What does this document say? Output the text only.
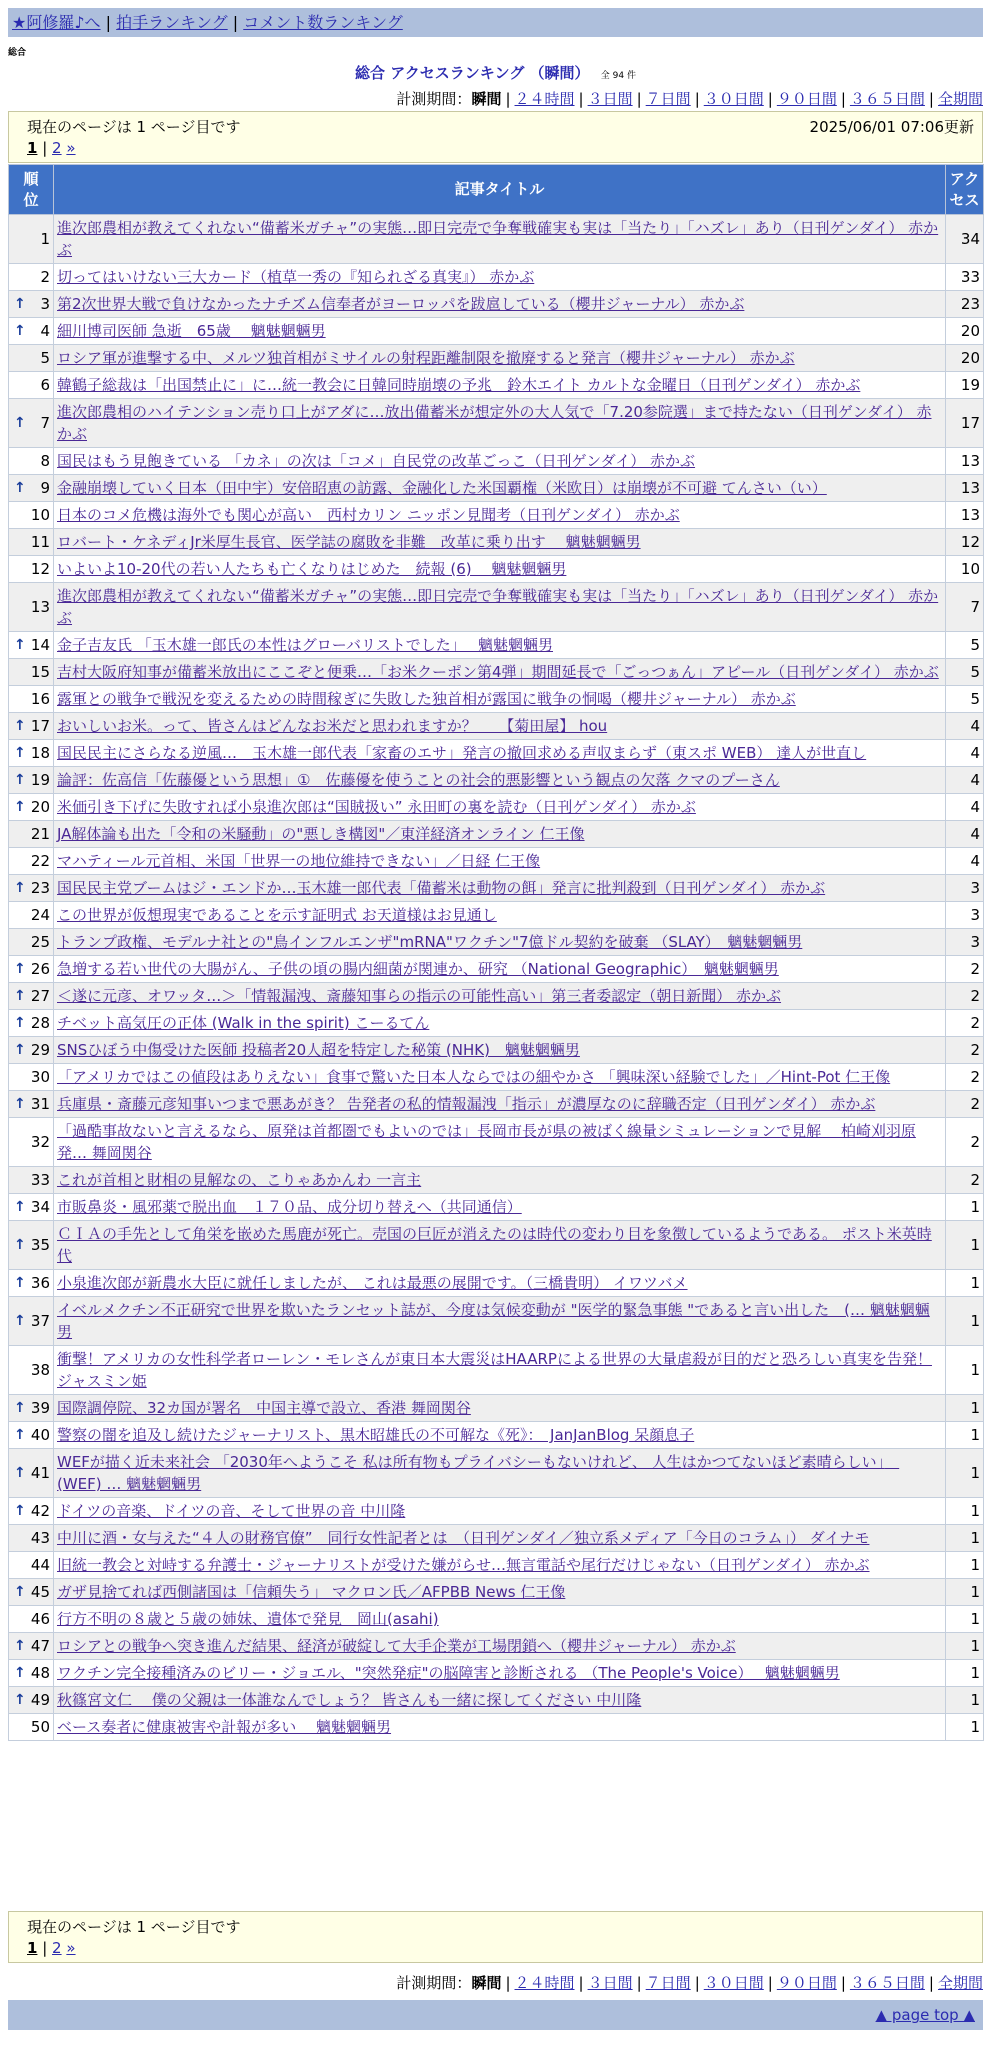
★阿修羅♪へ | 拍手ランキング | コメント数ランキング
総合
総合 アクセスランキング （瞬間） 全 94 件
計測期間：瞬間 | ２４時間 | ３日間 | ７日間 | ３０日間 | ９０日間 | ３６５日間 | 全期間
現在のページは 1 ページ目です	2025/06/01 07:06更新
1 | 2 »
順位	記事タイトル	アクセス
1	進次郎農相が教えてくれない“備蓄米ガチャ”の実態…即日完売で争奪戦確実も実は「当たり」「ハズレ」あり（日刊ゲンダイ） 赤かぶ	34
2	切ってはいけない三大カード（植草一秀の『知られざる真実』） 赤かぶ	33

↑ 3	第2次世界大戦で負けなかったナチズム信奉者がヨーロッパを跋扈している（櫻井ジャーナル） 赤かぶ	23

↑ 4	細川博司医師 急逝　65歳　 魑魅魍魎男	20
5	ロシア軍が進撃する中、メルツ独首相がミサイルの射程距離制限を撤廃すると発言（櫻井ジャーナル） 赤かぶ	20
6	韓鶴子総裁は「出国禁止に」に…統一教会に日韓同時崩壊の予兆　鈴木エイト カルトな金曜日（日刊ゲンダイ） 赤かぶ	19

↑ 7	進次郎農相のハイテンション売り口上がアダに…放出備蓄米が想定外の大人気で「7.20参院選」まで持たない（日刊ゲンダイ） 赤かぶ	17
8	国民はもう見飽きている 「カネ」の次は「コメ」自民党の改革ごっこ（日刊ゲンダイ） 赤かぶ	13

↑ 9	金融崩壊していく日本（田中宇）安倍昭恵の訪露、金融化した米国覇権（米欧日）は崩壊が不可避 てんさい（い）	13
10	日本のコメ危機は海外でも関心が高い　西村カリン ニッポン見聞考（日刊ゲンダイ） 赤かぶ	13
11	ロバート・ケネディJr米厚生長官、医学誌の腐敗を非難　改革に乗り出す　 魑魅魍魎男	12
12	いよいよ10-20代の若い人たちも亡くなりはじめた　続報 (6)　 魑魅魍魎男	10
13	進次郎農相が教えてくれない“備蓄米ガチャ”の実態…即日完売で争奪戦確実も実は「当たり」「ハズレ」あり（日刊ゲンダイ） 赤かぶ	7

↑ 14	金子吉友氏 「玉木雄一郎氏の本性はグローバリストでした」　 魑魅魍魎男	5
15	吉村大阪府知事が備蓄米放出にここぞと便乗…「お米クーポン第4弾」期間延長で「ごっつぁん」アピール（日刊ゲンダイ） 赤かぶ	5
16	露軍との戦争で戦況を変えるための時間稼ぎに失敗した独首相が露国に戦争の恫喝（櫻井ジャーナル） 赤かぶ	5

↑ 17	おいしいお米。って、皆さんはどんなお米だと思われますか？　　【菊田屋】 hou	4

↑ 18	国民民主にさらなる逆風…　玉木雄一郎代表「家畜のエサ」発言の撤回求める声収まらず（東スポ WEB） 達人が世直し	4

↑ 19	論評：佐高信「佐藤優という思想」①　佐藤優を使うことの社会的悪影響という観点の欠落 クマのプーさん	4

↑ 20	米価引き下げに失敗すれば小泉進次郎は“国賊扱い” 永田町の裏を読む（日刊ゲンダイ） 赤かぶ	4
21	JA解体論も出た「令和の米騒動」の"悪しき構図"／東洋経済オンライン 仁王像	4
22	マハティール元首相、米国「世界一の地位維持できない」／日経 仁王像	4

↑ 23	国民民主党ブームはジ・エンドか…玉木雄一郎代表「備蓄米は動物の餌」発言に批判殺到（日刊ゲンダイ） 赤かぶ	3
24	この世界が仮想現実であることを示す証明式 お天道様はお見通し	3
25	トランプ政権、モデルナ社との"鳥インフルエンザ"mRNA"ワクチン"7億ドル契約を破棄 （SLAY）　魑魅魍魎男	3

↑ 26	急増する若い世代の大腸がん、子供の頃の腸内細菌が関連か、研究 （National Geographic）　魑魅魍魎男	2

↑ 27	＜遂に元彦、オワッタ…＞「情報漏洩、斎藤知事らの指示の可能性高い」第三者委認定（朝日新聞） 赤かぶ	2

↑ 28	チベット高気圧の正体 (Walk in the spirit) こーるてん	2

↑ 29	SNSひぼう中傷受けた医師 投稿者20人超を特定した秘策 (NHK)　魑魅魍魎男	2
30	「アメリカではこの値段はありえない」食事で驚いた日本人ならではの細やかさ 「興味深い経験でした」／Hint-Pot 仁王像	2

↑ 31	兵庫県・斎藤元彦知事いつまで悪あがき？ 告発者の私的情報漏洩「指示」が濃厚なのに辞職否定（日刊ゲンダイ） 赤かぶ	2
32	「過酷事故ないと言えるなら、原発は首都圏でもよいのでは」長岡市長が県の被ばく線量シミュレーションで見解　 柏崎刈羽原発… 舞岡関谷	2
33	これが首相と財相の見解なの、こりゃあかんわ 一言主	2

↑ 34	市販鼻炎・風邪薬で脱出血　１７０品、成分切り替えへ（共同通信）	1

↑ 35	ＣＩＡの手先として角栄を嵌めた馬鹿が死亡。売国の巨匠が消えたのは時代の変わり目を象徴しているようである。 ポスト米英時代	1

↑ 36	小泉進次郎が新農水大臣に就任しましたが、 これは最悪の展開です。（三橋貴明） イワツバメ	1

↑ 37	イベルメクチン不正研究で世界を欺いたランセット誌が、今度は気候変動が "医学的緊急事態 "であると言い出した　(… 魑魅魍魎男	1
38	衝撃！アメリカの女性科学者ローレン・モレさんが東日本大震災はHAARPによる世界の大量虐殺が目的だと恐ろしい真実を告発！ ジャスミン姫	1

↑ 39	国際調停院、32カ国が署名　中国主導で設立、香港 舞岡関谷	1

↑ 40	警察の闇を追及し続けたジャーナリスト、黒木昭雄氏の不可解な《死》：　JanJanBlog 呆顔息子	1

↑ 41	WEFが描く近未来社会 「2030年へようこそ 私は所有物もプライバシーもないけれど、 人生はかつてないほど素晴らしい」　(WEF) … 魑魅魍魎男	1

↑ 42	ドイツの音楽、ドイツの音、そして世界の音 中川隆	1
43	中川に酒・女与えた“４人の財務官僚”　同行女性記者とは　（日刊ゲンダイ／独立系メディア「今日のコラム」） ダイナモ	1
44	旧統一教会と対峙する弁護士・ジャーナリストが受けた嫌がらせ…無言電話や尾行だけじゃない（日刊ゲンダイ） 赤かぶ	1

↑ 45	ガザ見捨てれば西側諸国は「信頼失う」 マクロン氏／AFPBB News 仁王像	1
46	行方不明の８歳と５歳の姉妹、遺体で発見　岡山(asahi)	1

↑ 47	ロシアとの戦争へ突き進んだ結果、経済が破綻して大手企業が工場閉鎖へ（櫻井ジャーナル） 赤かぶ	1

↑ 48	ワクチン完全接種済みのビリー・ジョエル、"突然発症"の脳障害と診断される （The People's Voice）　 魑魅魍魎男	1

↑ 49	秋篠宮文仁　 僕の父親は一体誰なんでしょう？ 皆さんも一緒に探してください 中川隆	1
50	ベース奏者に健康被害や計報が多い　 魑魅魍魎男	1
現在のページは 1 ページ目です
1 | 2 »
計測期間：瞬間 | ２４時間 | ３日間 | ７日間 | ３０日間 | ９０日間 | ３６５日間 | 全期間
▲ page top ▲
